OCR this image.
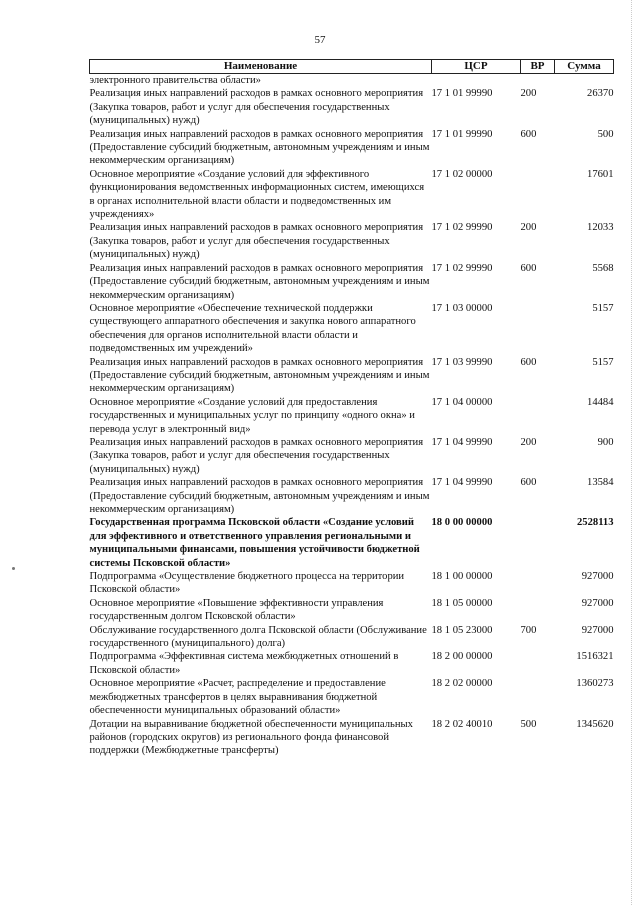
57
Наименование	ЦСР	ВР	Сумма
электронного правительства области»			
Реализация иных направлений расходов в рамках основного мероприятия (Закупка товаров, работ и услуг для обеспечения государственных (муниципальных) нужд)	17 1 01 99990	200	26370
Реализация иных направлений расходов в рамках основного мероприятия (Предоставление субсидий бюджетным, автономным учреждениям и иным некоммерческим организациям)	17 1 01 99990	600	500
Основное мероприятие «Создание условий для эффективного функционирования ведомственных информационных систем, имеющихся в органах исполнительной власти области и подведомственных им учреждениях»	17 1 02 00000		17601
Реализация иных направлений расходов в рамках основного мероприятия (Закупка товаров, работ и услуг для обеспечения государственных (муниципальных) нужд)	17 1 02 99990	200	12033
Реализация иных направлений расходов в рамках основного мероприятия (Предоставление субсидий бюджетным, автономным учреждениям и иным некоммерческим организациям)	17 1 02 99990	600	5568
Основное мероприятие «Обеспечение технической поддержки существующего аппаратного обеспечения и закупка нового аппаратного обеспечения для органов исполнительной власти области и подведомственных им учреждений»	17 1 03 00000		5157
Реализация иных направлений расходов в рамках основного мероприятия (Предоставление субсидий бюджетным, автономным учреждениям и иным некоммерческим организациям)	17 1 03 99990	600	5157
Основное мероприятие «Создание условий для предоставления государственных и муниципальных услуг по принципу «одного окна» и перевода услуг в электронный вид»	17 1 04 00000		14484
Реализация иных направлений расходов в рамках основного мероприятия (Закупка товаров, работ и услуг для обеспечения государственных (муниципальных) нужд)	17 1 04 99990	200	900
Реализация иных направлений расходов в рамках основного мероприятия (Предоставление субсидий бюджетным, автономным учреждениям и иным некоммерческим организациям)	17 1 04 99990	600	13584
Государственная программа Псковской области «Создание условий для эффективного и ответственного управления региональными и муниципальными финансами, повышения устойчивости бюджетной системы Псковской области»	18 0 00 00000		2528113
Подпрограмма «Осуществление бюджетного процесса на территории Псковской области»	18 1 00 00000		927000
Основное мероприятие «Повышение эффективности управления государственным долгом Псковской области»	18 1 05 00000		927000
Обслуживание государственного долга Псковской области (Обслуживание государственного (муниципального) долга)	18 1 05 23000	700	927000
Подпрограмма «Эффективная система межбюджетных отношений в Псковской области»	18 2 00 00000		1516321
Основное мероприятие «Расчет, распределение и предоставление межбюджетных трансфертов в целях выравнивания бюджетной обеспеченности муниципальных образований области»	18 2 02 00000		1360273
Дотации на выравнивание бюджетной обеспеченности муниципальных районов (городских округов) из регионального фонда финансовой поддержки (Межбюджетные трансферты)	18 2 02 40010	500	1345620
